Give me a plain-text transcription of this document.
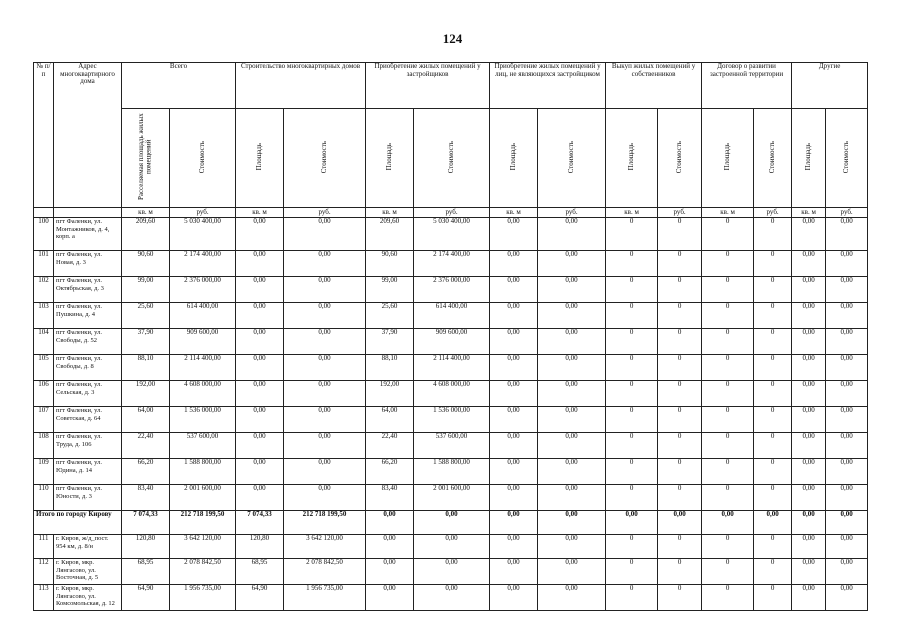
124
№ п/п	Адрес многоквартирного дома	Всего		Строительство многоквартирных домов		Приобретение жилых помещений у застройщиков		Приобретение жилых помещений у лиц, не являющихся застройщиком		Выкуп жилых помещений у собственников		Договор о развитии застроенной территории		Другие	
		Расселяемая площадь жилых помещений	Стоимость	Площадь	Стоимость	Площадь	Стоимость	Площадь	Стоимость	Площадь	Стоимость	Площадь	Стоимость	Площадь	Стоимость
		кв. м	руб.	кв. м	руб.	кв. м	руб.	кв. м	руб.	кв. м	руб.	кв. м	руб.	кв. м	руб.
100	пгт Фаленки, ул. Монтажников, д. 4, корп. а	209,60	5 030 400,00	0,00	0,00	209,60	5 030 400,00	0,00	0,00	0	0	0	0	0,00	0,00
101	пгт Фаленки, ул. Новая, д. 3	90,60	2 174 400,00	0,00	0,00	90,60	2 174 400,00	0,00	0,00	0	0	0	0	0,00	0,00
102	пгт Фаленки, ул. Октябрьская, д. 3	99,00	2 376 000,00	0,00	0,00	99,00	2 376 000,00	0,00	0,00	0	0	0	0	0,00	0,00
103	пгт Фаленки, ул. Пушкина, д. 4	25,60	614 400,00	0,00	0,00	25,60	614 400,00	0,00	0,00	0	0	0	0	0,00	0,00
104	пгт Фаленки, ул. Свободы, д. 52	37,90	909 600,00	0,00	0,00	37,90	909 600,00	0,00	0,00	0	0	0	0	0,00	0,00
105	пгт Фаленки, ул. Свободы, д. 8	88,10	2 114 400,00	0,00	0,00	88,10	2 114 400,00	0,00	0,00	0	0	0	0	0,00	0,00
106	пгт Фаленки, ул. Сельская, д. 3	192,00	4 608 000,00	0,00	0,00	192,00	4 608 000,00	0,00	0,00	0	0	0	0	0,00	0,00
107	пгт Фаленки, ул. Советская, д. 64	64,00	1 536 000,00	0,00	0,00	64,00	1 536 000,00	0,00	0,00	0	0	0	0	0,00	0,00
108	пгт Фаленки, ул. Труда, д. 106	22,40	537 600,00	0,00	0,00	22,40	537 600,00	0,00	0,00	0	0	0	0	0,00	0,00
109	пгт Фаленки, ул. Юдина, д. 14	66,20	1 588 800,00	0,00	0,00	66,20	1 588 800,00	0,00	0,00	0	0	0	0	0,00	0,00
110	пгт Фаленки, ул. Юности, д. 3	83,40	2 001 600,00	0,00	0,00	83,40	2 001 600,00	0,00	0,00	0	0	0	0	0,00	0,00
Итого по городу Кирову		7 074,33	212 718 199,50	7 074,33	212 718 199,50	0,00	0,00	0,00	0,00	0,00	0,00	0,00	0,00	0,00	0,00
111	г. Киров, ж/д_пост. 954 км, д. 8/н	120,80	3 642 120,00	120,80	3 642 120,00	0,00	0,00	0,00	0,00	0	0	0	0	0,00	0,00
112	г. Киров, мкр. Лянгасово, ул. Восточная, д. 5	68,95	2 078 842,50	68,95	2 078 842,50	0,00	0,00	0,00	0,00	0	0	0	0	0,00	0,00
113	г. Киров, мкр. Лянгасово, ул. Комсомольская, д. 12	64,90	1 956 735,00	64,90	1 956 735,00	0,00	0,00	0,00	0,00	0	0	0	0	0,00	0,00
